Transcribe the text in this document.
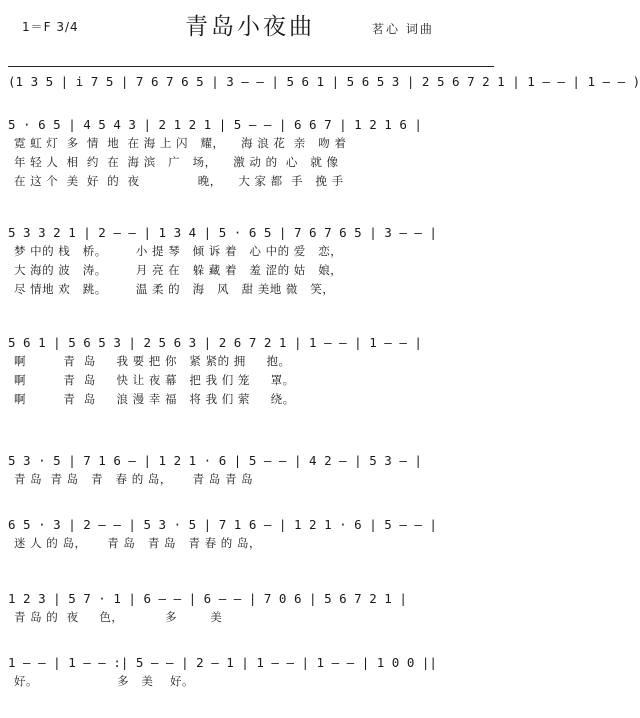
1＝F 3/4	青岛小夜曲	茗心 词曲
(1 3 5 | i 7 5 | 7 6 7 6 5 | 3 — — | 5 6 1 | 5 6 5 3 | 2 5 6 7 2 1 | 1 — — | 1 — — )
5 · 6 5 | 4 5 4 3 | 2 1 2 1 | 5 — — | 6 6 7 | 1 2 1 6 |
霓 虹 灯  多  情  地  在 海 上 闪   耀，    海 浪 花  亲   吻 着
年 轻 人  相  约  在  海 滨   广   场，    激 动 的  心   就 像
在 这 个  美  好  的  夜              晚，    大 家 都  手   挽 手
5 3 3 2 1 | 2 — — | 1 3 4 | 5 · 6 5 | 7 6 7 6 5 | 3 — — |
梦 中的 栈   桥。       小 提 琴   倾 诉 着   心 中的 爱   恋，
大 海的 波   涛。       月 亮 在   躲 藏 着   羞 涩的 姑   娘，
尽 情地 欢   跳。       温 柔 的   海   风   甜 美地 微   笑，
5 6 1 | 5 6 5 3 | 2 5 6 3 | 2 6 7 2 1 | 1 — — | 1 — — |
啊         青  岛     我 要 把 你   紧 紧的 拥     抱。
啊         青  岛     快 让 夜 幕   把 我 们 笼     罩。
啊         青  岛     浪 漫 幸 福   将 我 们 萦     绕。
5 3 · 5 | 7 1 6 — | 1 2 1 · 6 | 5 — — | 4 2 — | 5 3 — |
青 岛  青 岛   青   春 的 岛，     青 岛 青 岛
6 5 · 3 | 2 — — | 5 3 · 5 | 7 1 6 — | 1 2 1 · 6 | 5 — — |
迷 人 的 岛，     青 岛   青 岛   青 春 的 岛，
1 2 3 | 5 7 · 1 | 6 — — | 6 — — | 7 0 6 | 5 6 7 2 1 |
青 岛 的  夜     色，          多        美
1 — — | 1 — — :| 5 — — | 2 — 1 | 1 — — | 1 — — | 1 0 0 ||
好。                   多   美    好。
